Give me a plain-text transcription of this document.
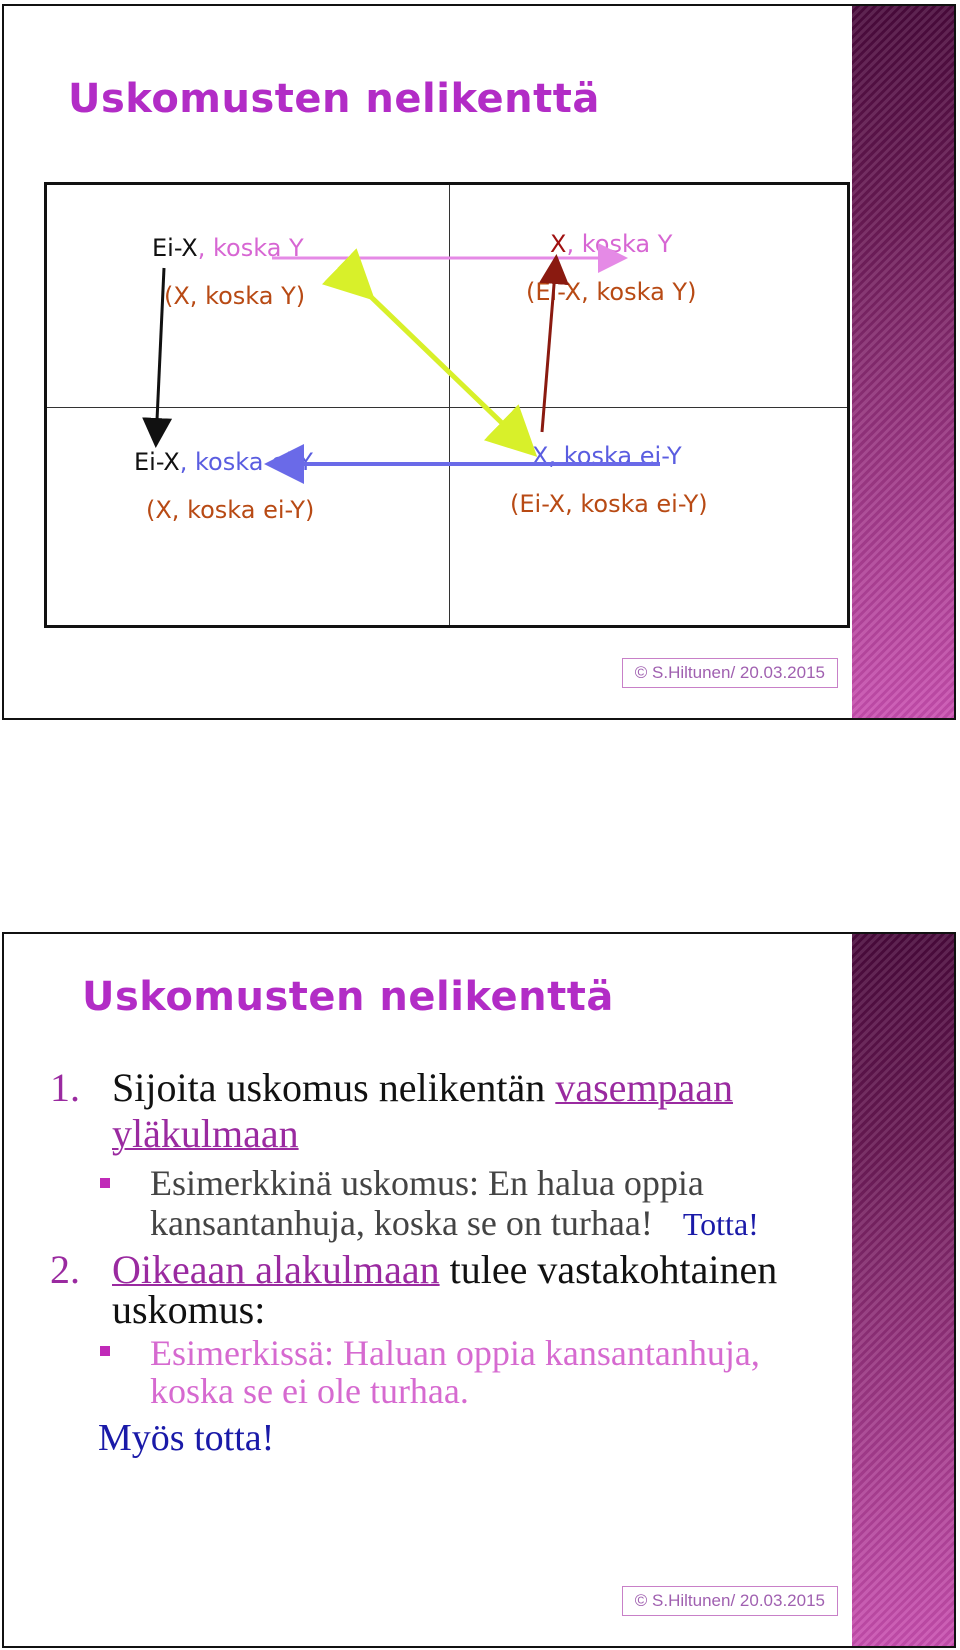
Uskomusten nelikenttä
Ei-X, koska Y
(X, koska Y)
X, koska Y
(Ei-X, koska Y)
Ei-X, koska ei-Y
(X, koska ei-Y)
X, koska ei-Y
(Ei-X, koska ei-Y)
© S.Hiltunen/ 20.03.2015
Uskomusten nelikenttä
1. Sijoita uskomus nelikentän vasempaan
yläkulmaan
Esimerkkinä uskomus: En halua oppia
kansantanhuja, koska se on turhaa! Totta!
2. Oikeaan alakulmaan tulee vastakohtainen
uskomus:
Esimerkissä: Haluan oppia kansantanhuja,
koska se ei ole turhaa.
Myös totta!
© S.Hiltunen/ 20.03.2015
